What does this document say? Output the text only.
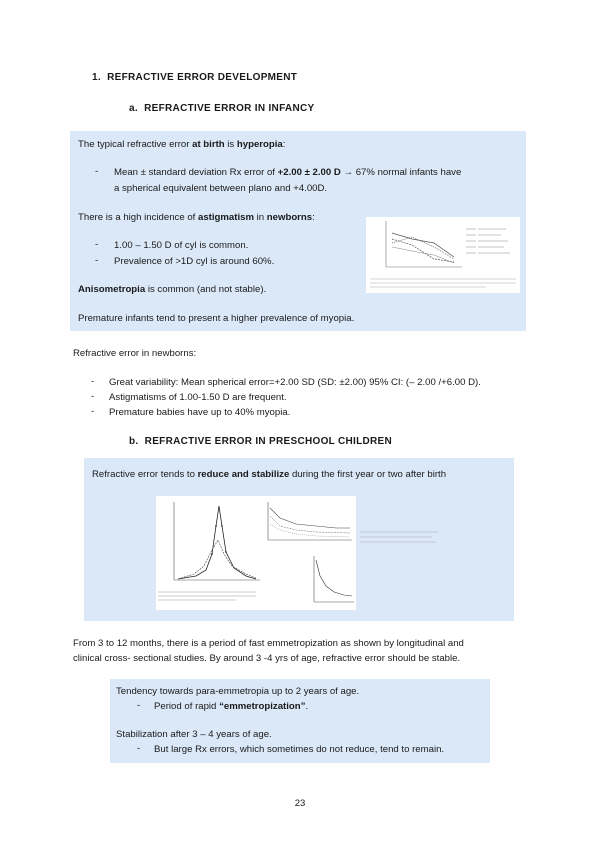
1. REFRACTIVE ERROR DEVELOPMENT
a. REFRACTIVE ERROR IN INFANCY
The typical refractive error at birth is hyperopia:
- Mean ± standard deviation Rx error of +2.00 ± 2.00 D → 67% normal infants have
a spherical equivalent between plano and +4.00D.
There is a high incidence of astigmatism in newborns:
- 1.00 – 1.50 D of cyl is common.
- Prevalence of >1D cyl is around 60%.
Anisometropia is common (and not stable).
Premature infants tend to present a higher prevalence of myopia.
Refractive error in newborns:
- Great variability: Mean spherical error=+2.00 SD (SD: ±2.00) 95% CI: (– 2.00 /+6.00 D).
- Astigmatisms of 1.00-1.50 D are frequent.
- Premature babies have up to 40% myopia.
b. REFRACTIVE ERROR IN PRESCHOOL CHILDREN
Refractive error tends to reduce and stabilize during the first year or two after birth
From 3 to 12 months, there is a period of fast emmetropization as shown by longitudinal and
clinical cross- sectional studies. By around 3 -4 yrs of age, refractive error should be stable.
Tendency towards para-emmetropia up to 2 years of age.
- Period of rapid “emmetropization”.
Stabilization after 3 – 4 years of age.
- But large Rx errors, which sometimes do not reduce, tend to remain.
23
